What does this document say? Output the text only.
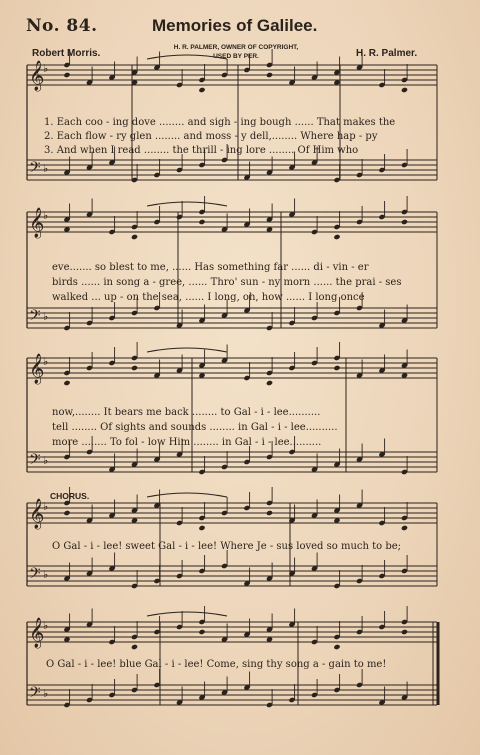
No. 84.	Memories of Galilee.
Robert Morris.	H. R. Palmer.
H. R. PALMER, OWNER OF COPYRIGHT,
USED BY PER.
𝄞
♭
𝄢 ♭
𝄞
♭
𝄢 ♭
𝄞
♭
𝄢 ♭
𝄞
♭
𝄢 ♭
𝄞
♭
𝄢 ♭
1. Each coo - ing dove ........ and sigh - ing bough ...... That makes the
2. Each flow - ry glen ........ and moss - y dell,........ Where hap - py
3. And when I read ........ the thrill - ing lore ........ Of Him who
eve....... so blest to me, ...... Has something far ...... di - vin - er
birds ...... in song a - gree, ...... Thro' sun - ny morn ...... the prai - ses
walked ... up - on the sea, ...... I long, oh, how ...... I long once
now,........ It bears me back ........ to Gal - i - lee..........
tell ........ Of sights and sounds ........ in Gal - i - lee..........
more ........ To fol - low Him ........ in Gal - i - lee..........
CHORUS.
O Gal - i - lee! sweet Gal - i - lee! Where Je - sus loved so much to be;
O Gal - i - lee! blue Gal - i - lee! Come, sing thy song a - gain to me!
